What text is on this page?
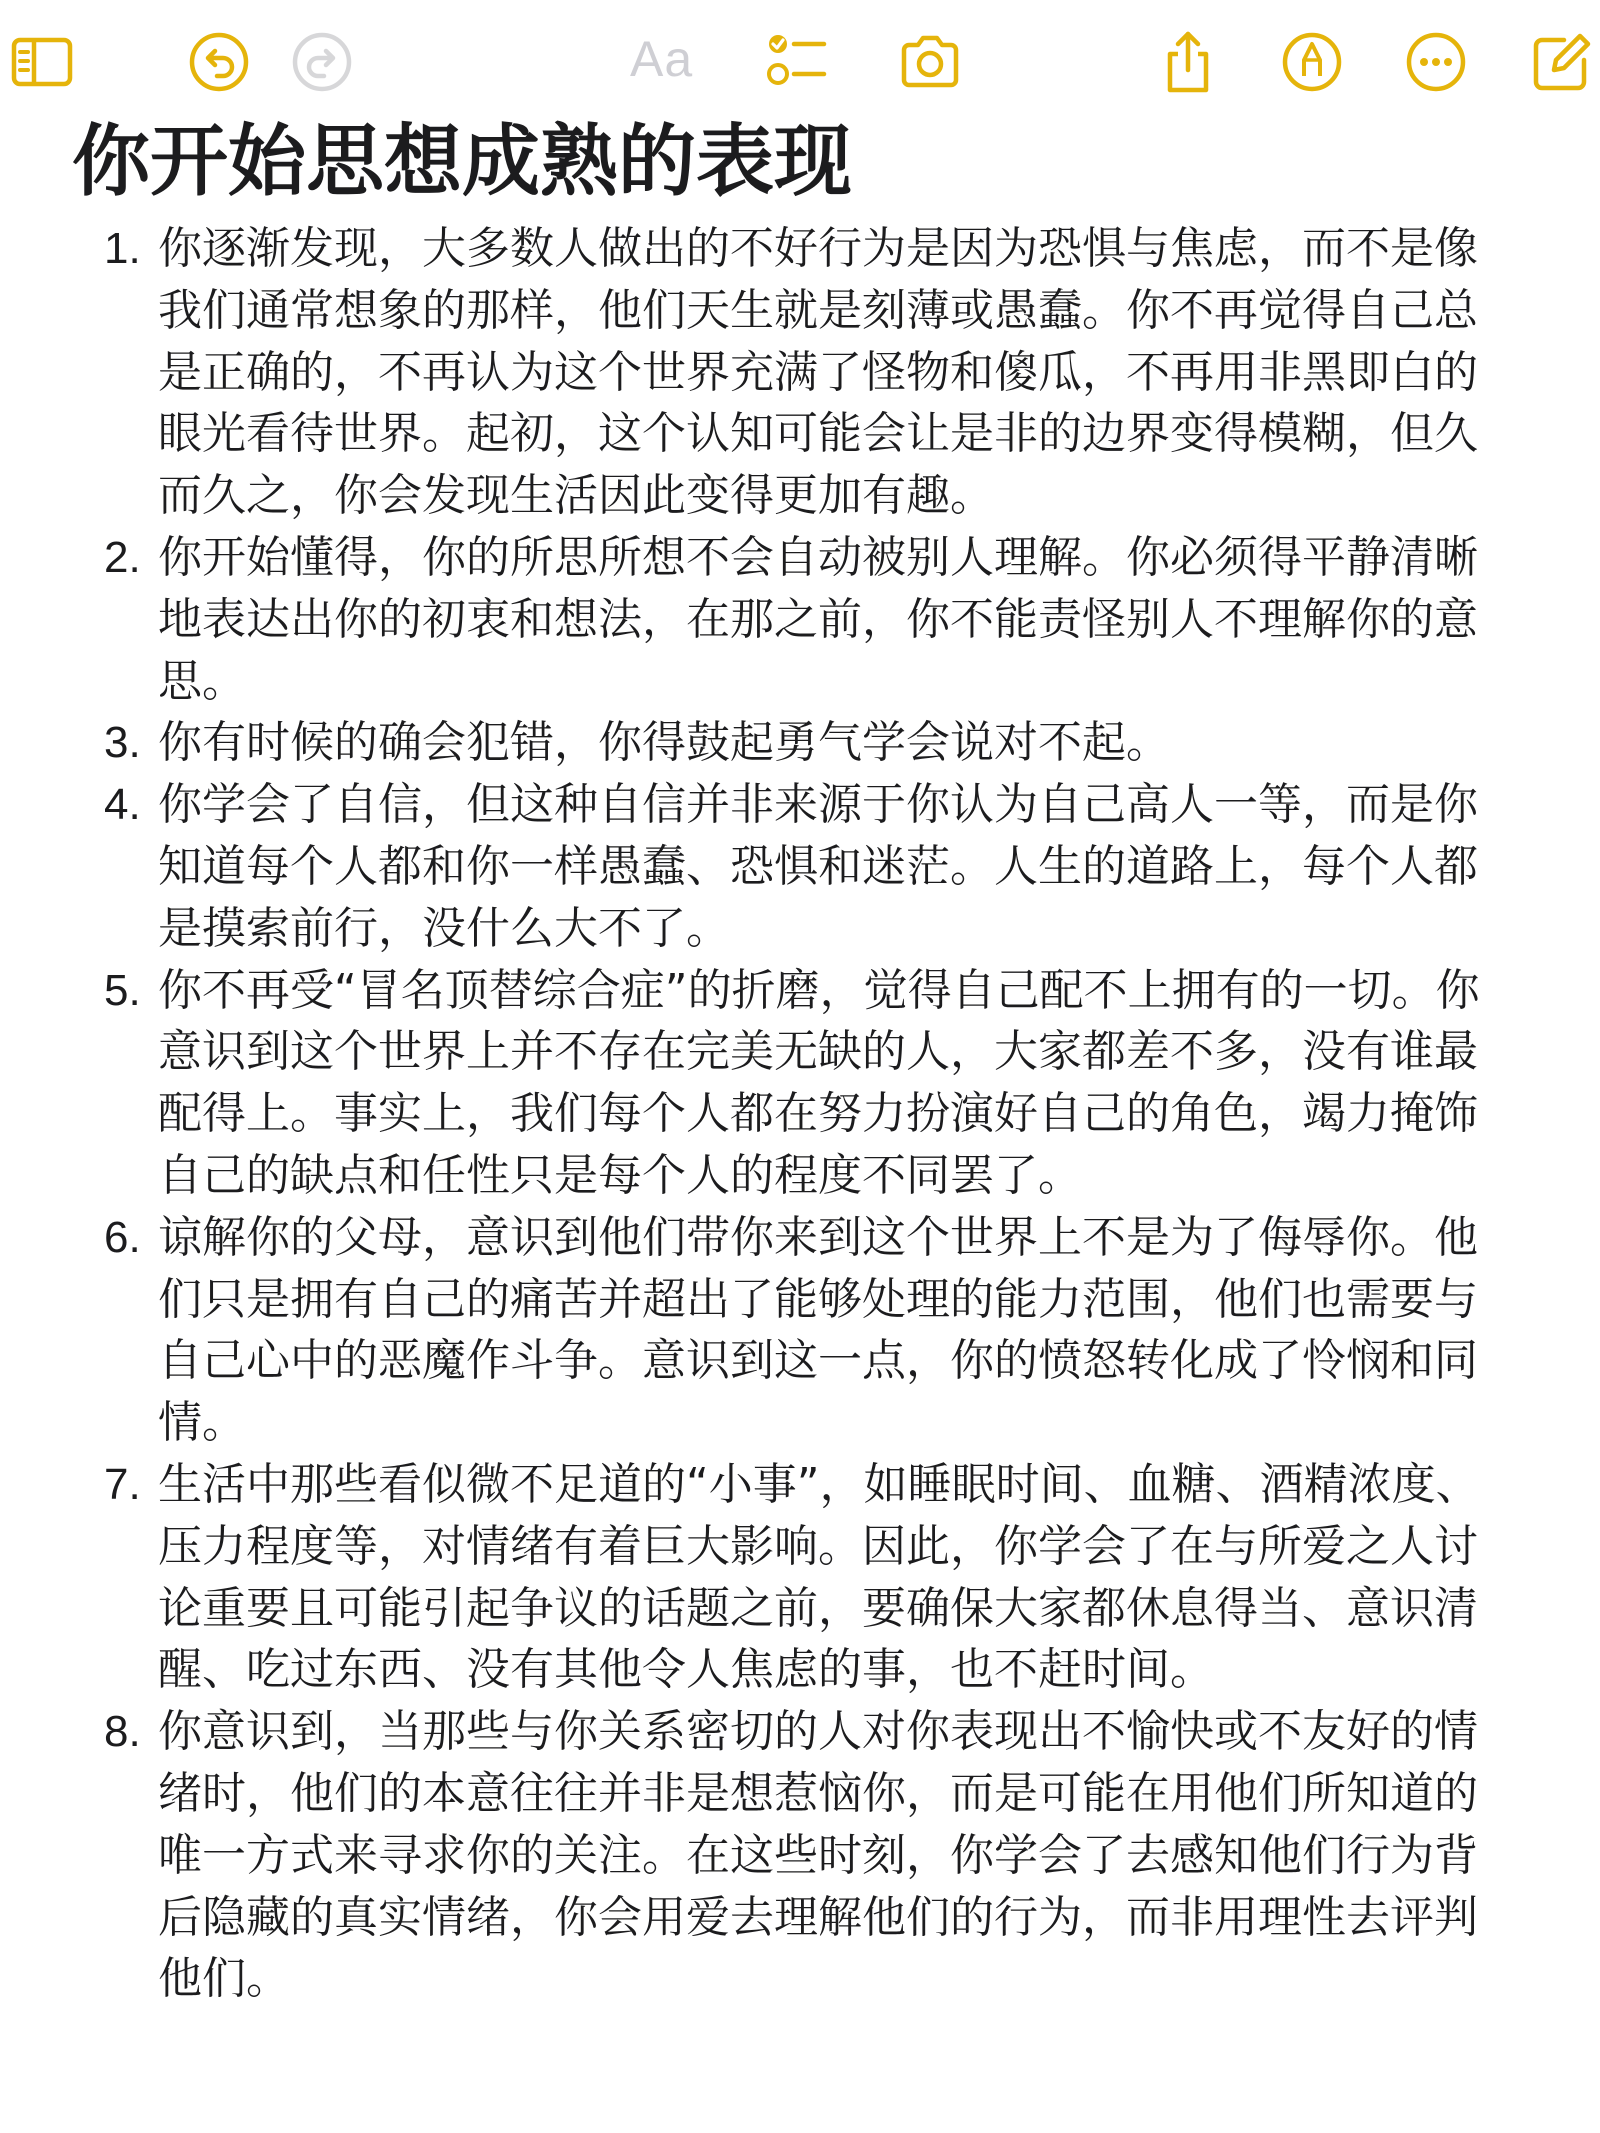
Aa
你开始思想成熟的表现
1. 你逐渐发现，大多数人做出的不好行为是因为恐惧与焦虑，而不是像我们通常想象的那样，他们天生就是刻薄或愚蠢。你不再觉得自己总是正确的，不再认为这个世界充满了怪物和傻瓜，不再用非黑即白的眼光看待世界。起初，这个认知可能会让是非的边界变得模糊，但久而久之，你会发现生活因此变得更加有趣。
2. 你开始懂得，你的所思所想不会自动被别人理解。你必须得平静清晰地表达出你的初衷和想法，在那之前，你不能责怪别人不理解你的意思。
3. 你有时候的确会犯错，你得鼓起勇气学会说对不起。
4. 你学会了自信，但这种自信并非来源于你认为自己高人一等，而是你知道每个人都和你一样愚蠢、恐惧和迷茫。人生的道路上，每个人都是摸索前行，没什么大不了。
5. 你不再受“冒名顶替综合症”的折磨，觉得自己配不上拥有的一切。你意识到这个世界上并不存在完美无缺的人，大家都差不多，没有谁最配得上。事实上，我们每个人都在努力扮演好自己的角色，竭力掩饰自己的缺点和任性只是每个人的程度不同罢了。
6. 谅解你的父母，意识到他们带你来到这个世界上不是为了侮辱你。他们只是拥有自己的痛苦并超出了能够处理的能力范围，他们也需要与自己心中的恶魔作斗争。意识到这一点，你的愤怒转化成了怜悯和同情。
7. 生活中那些看似微不足道的“小事”，如睡眠时间、血糖、酒精浓度、压力程度等，对情绪有着巨大影响。因此，你学会了在与所爱之人讨论重要且可能引起争议的话题之前，要确保大家都休息得当、意识清醒、吃过东西、没有其他令人焦虑的事，也不赶时间。
8. 你意识到，当那些与你关系密切的人对你表现出不愉快或不友好的情绪时，他们的本意往往并非是想惹恼你，而是可能在用他们所知道的唯一方式来寻求你的关注。在这些时刻，你学会了去感知他们行为背后隐藏的真实情绪，你会用爱去理解他们的行为，而非用理性去评判他们。
